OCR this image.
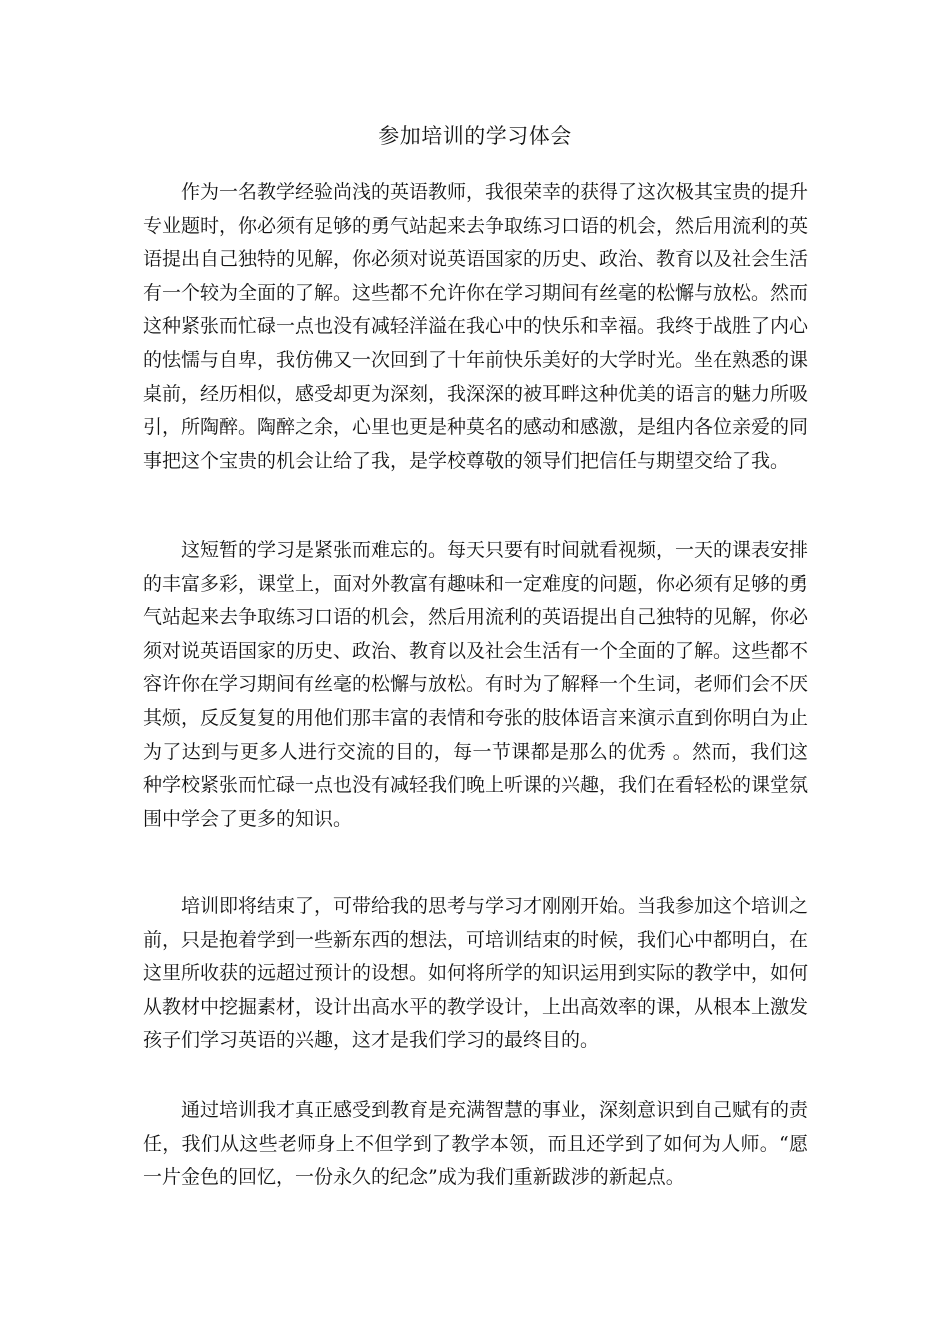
参加培训的学习体会
作为一名教学经验尚浅的英语教师，我很荣幸的获得了这次极其宝贵的提升专业题时，你必须有足够的勇气站起来去争取练习口语的机会，然后用流利的英语提出自己独特的见解，你必须对说英语国家的历史、政治、教育以及社会生活有一个较为全面的了解。这些都不允许你在学习期间有丝毫的松懈与放松。然而这种紧张而忙碌一点也没有减轻洋溢在我心中的快乐和幸福。我终于战胜了内心的怯懦与自卑，我仿佛又一次回到了十年前快乐美好的大学时光。坐在熟悉的课桌前，经历相似，感受却更为深刻，我深深的被耳畔这种优美的语言的魅力所吸引，所陶醉。陶醉之余，心里也更是种莫名的感动和感激，是组内各位亲爱的同事把这个宝贵的机会让给了我，是学校尊敬的领导们把信任与期望交给了我。
这短暂的学习是紧张而难忘的。每天只要有时间就看视频，一天的课表安排的丰富多彩，课堂上，面对外教富有趣味和一定难度的问题，你必须有足够的勇气站起来去争取练习口语的机会，然后用流利的英语提出自己独特的见解，你必须对说英语国家的历史、政治、教育以及社会生活有一个全面的了解。这些都不容许你在学习期间有丝毫的松懈与放松。有时为了解释一个生词，老师们会不厌其烦，反反复复的用他们那丰富的表情和夸张的肢体语言来演示直到你明白为止为了达到与更多人进行交流的目的，每一节课都是那么的优秀 。然而，我们这种学校紧张而忙碌一点也没有减轻我们晚上听课的兴趣，我们在看轻松的课堂氛围中学会了更多的知识。
培训即将结束了，可带给我的思考与学习才刚刚开始。当我参加这个培训之前，只是抱着学到一些新东西的想法，可培训结束的时候，我们心中都明白，在这里所收获的远超过预计的设想。如何将所学的知识运用到实际的教学中，如何从教材中挖掘素材，设计出高水平的教学设计，上出高效率的课，从根本上激发孩子们学习英语的兴趣，这才是我们学习的最终目的。
通过培训我才真正感受到教育是充满智慧的事业，深刻意识到自己赋有的责任，我们从这些老师身上不但学到了教学本领，而且还学到了如何为人师。“愿一片金色的回忆，一份永久的纪念”成为我们重新跋涉的新起点。
